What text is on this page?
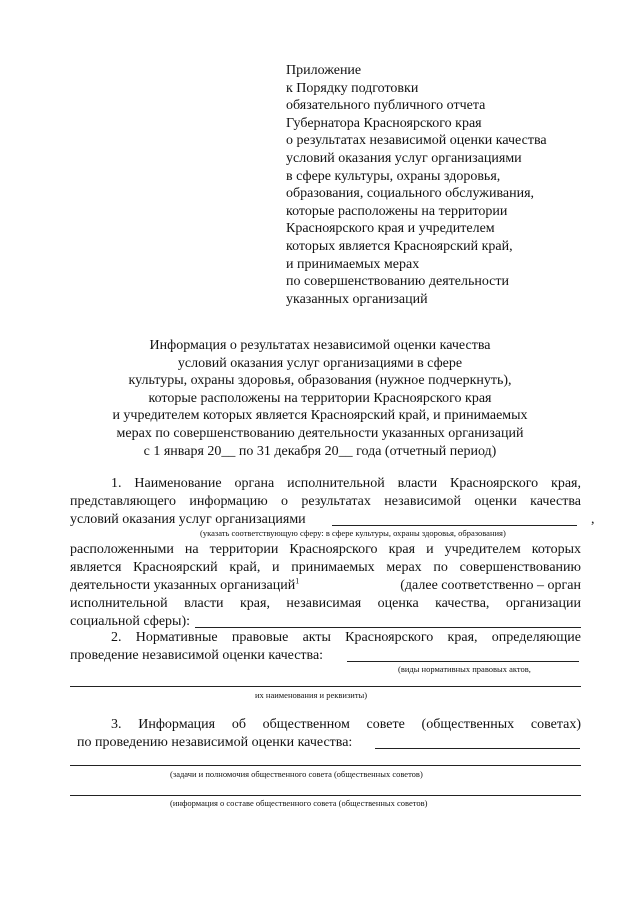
Приложение
к Порядку подготовки
обязательного публичного отчета
Губернатора Красноярского края
о результатах независимой оценки качества
условий оказания услуг организациями
в сфере культуры, охраны здоровья,
образования, социального обслуживания,
которые расположены на территории
Красноярского края и учредителем
которых является Красноярский край,
и принимаемых мерах
по совершенствованию деятельности
указанных организаций
Информация о результатах независимой оценки качества
условий оказания услуг организациями в сфере
культуры, охраны здоровья, образования (нужное подчеркнуть),
которые расположены на территории Красноярского края
и учредителем которых является Красноярский край, и принимаемых
мерах по совершенствованию деятельности указанных организаций
с 1 января 20__ по 31 декабря 20__ года (отчетный период)
1. Наименование органа исполнительной власти Красноярского края,
представляющего информацию о результатах независимой оценки качества
условий оказания услуг организациями	,
(указать соответствующую сферу: в сфере культуры, охраны здоровья, образования)
расположенными на территории Красноярского края и учредителем которых
является Красноярский край, и принимаемых мерах по совершенствованию
деятельности указанных организаций$^1$	(далее соответственно – орган
исполнительной власти края, независимая оценка качества, организации
социальной сферы):
2. Нормативные правовые акты Красноярского края, определяющие
проведение независимой оценки качества:
(виды нормативных правовых актов,
их наименования и реквизиты)
3. Информация об общественном совете (общественных советах)
по проведению независимой оценки качества:
(задачи и полномочия общественного совета (общественных советов)
(информация о составе общественного совета (общественных советов)
